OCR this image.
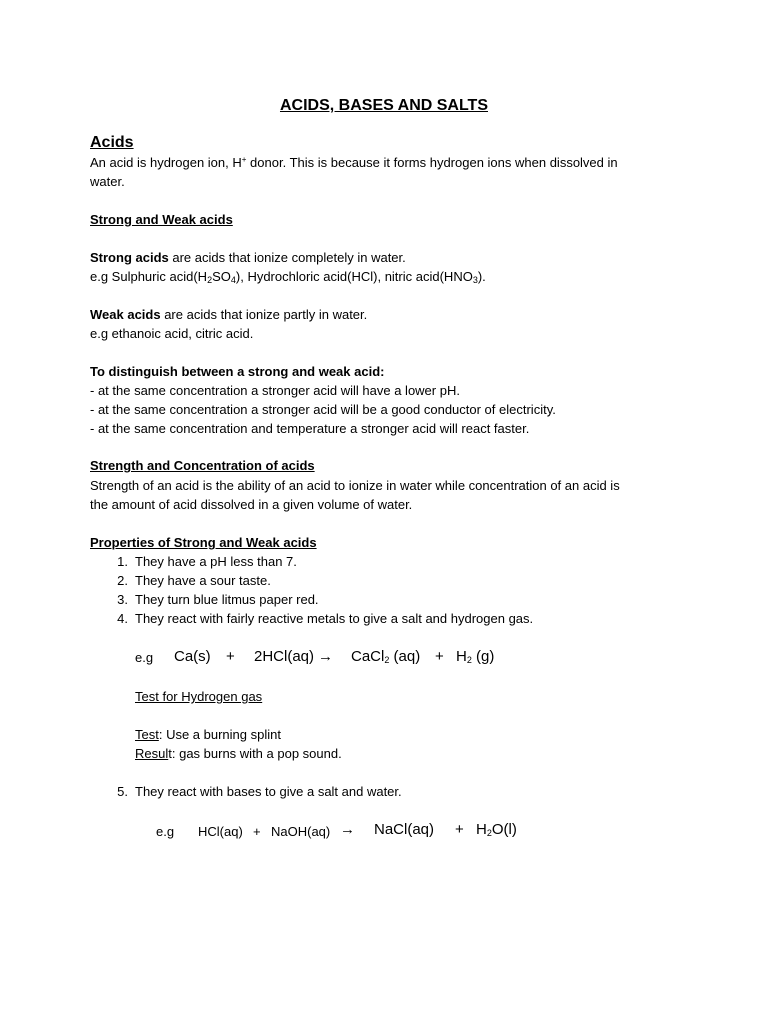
ACIDS, BASES AND SALTS
Acids
An acid is hydrogen ion, H+ donor. This is because it forms hydrogen ions when dissolved in
water.
Strong and Weak acids
Strong acids are acids that ionize completely in water.
e.g Sulphuric $acid(H_2SO_4)$, Hydrochloric acid(HCl), nitric $acid(HNO_3)$.
Weak acids are acids that ionize partly in water.
e.g ethanoic acid, citric acid.
To distinguish between a strong and weak acid:
- at the same concentration a stronger acid will have a lower pH.
- at the same concentration a stronger acid will be a good conductor of electricity.
- at the same concentration and temperature a stronger acid will react faster.
Strength and Concentration of acids
Strength of an acid is the ability of an acid to ionize in water while concentration of an acid is
the amount of acid dissolved in a given volume of water.
Properties of Strong and Weak acids
1. They have a pH less than 7.
2. They have a sour taste.
3. They turn blue litmus paper red.
4. They react with fairly reactive metals to give a salt and hydrogen gas.
e.g Ca(s) + 2HCl(aq) → CaCl$_2$ $(aq) + H_2$ (g)
Test for Hydrogen gas
Test: Use a burning splint
Result: gas burns with a pop sound.
5. They react with bases to give a salt and water.
e.g HCl(aq) + NaOH(aq) → NaCl(aq) + $H_2O(l)$
